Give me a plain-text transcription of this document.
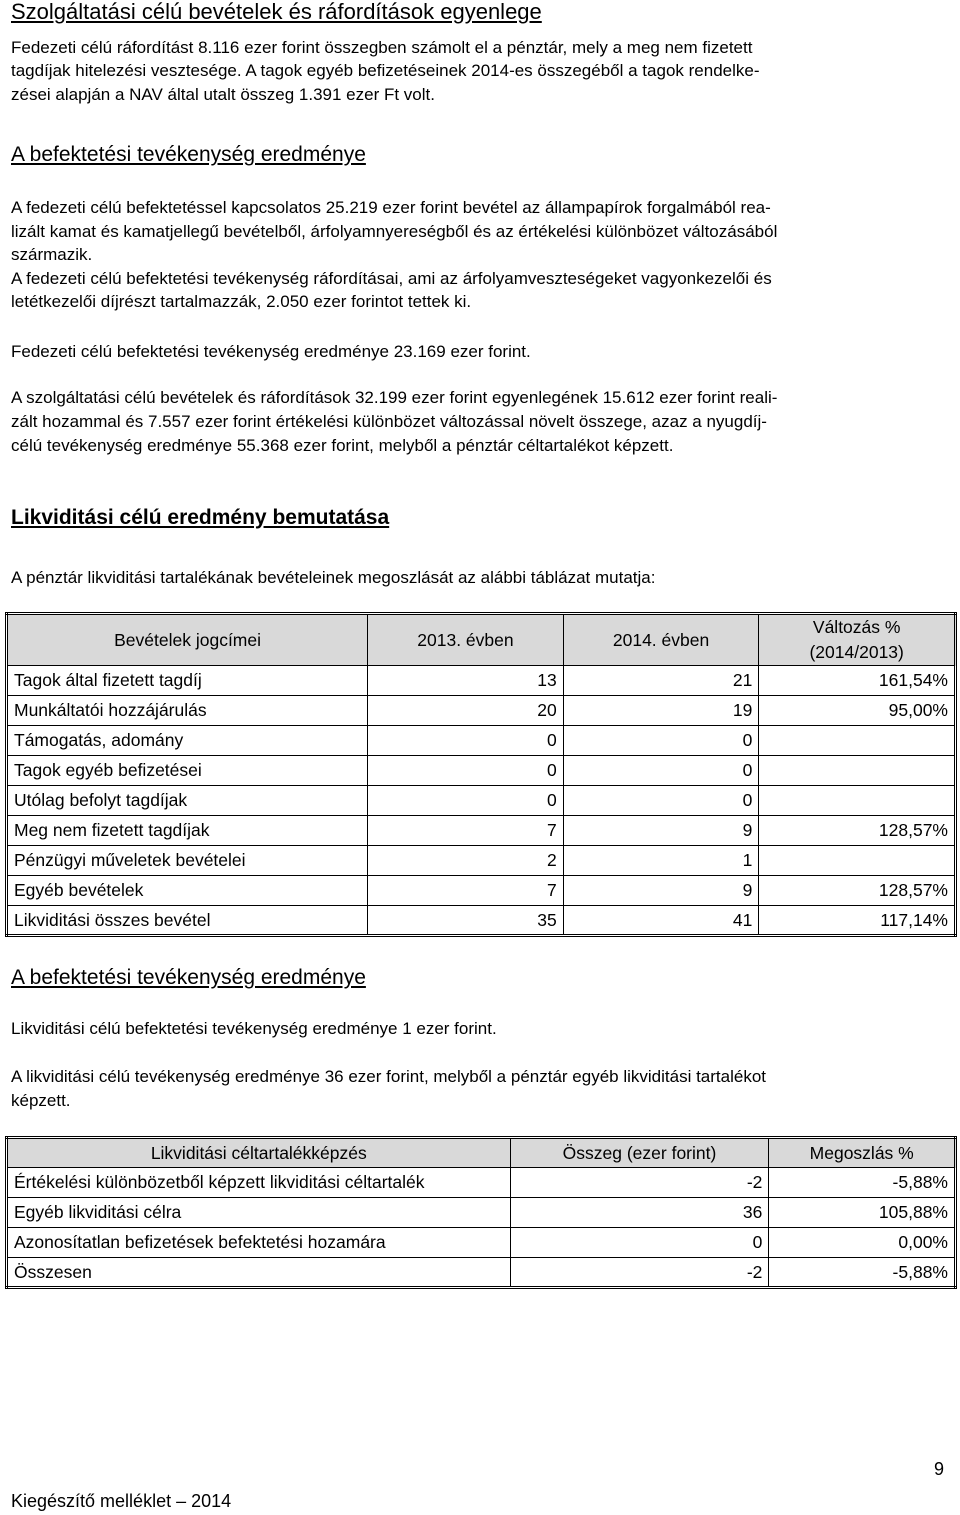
Szolgáltatási célú bevételek és ráfordítások egyenlege

Fedezeti célú ráfordítást 8.116 ezer forint összegben számolt el a pénztár, mely a meg nem fizetett

tagdíjak hitelezési vesztesége. A tagok egyéb befizetéseinek 2014-es összegéből a tagok rendelke-

zései alapján a NAV által utalt összeg 1.391 ezer Ft volt.

A befektetési tevékenység eredménye

A fedezeti célú befektetéssel kapcsolatos 25.219 ezer forint bevétel az állampapírok forgalmából rea-

lizált kamat és kamatjellegű bevételből, árfolyamnyereségből és az értékelési különbözet változásából

származik.

A fedezeti célú befektetési tevékenység ráfordításai, ami az árfolyamveszteségeket vagyonkezelői és

letétkezelői díjrészt tartalmazzák, 2.050 ezer forintot tettek ki.

Fedezeti célú befektetési tevékenység eredménye 23.169 ezer forint.

A szolgáltatási célú bevételek és ráfordítások 32.199 ezer forint egyenlegének 15.612 ezer forint reali-

zált hozammal és 7.557 ezer forint értékelési különbözet változással növelt összege, azaz a nyugdíj-

célú tevékenység eredménye 55.368 ezer forint, melyből a pénztár céltartalékot képzett.

Likviditási célú eredmény bemutatása

A pénztár likviditási tartalékának bevételeinek megoszlását az alábbi táblázat mutatja:

Bevételek jogcímei	2013. évben	2014. évben	Változás %
(2014/2013)
Tagok által fizetett tagdíj	13	21	161,54%
Munkáltatói hozzájárulás	20	19	95,00%
Támogatás, adomány	0	0	
Tagok egyéb befizetései	0	0	
Utólag befolyt tagdíjak	0	0	
Meg nem fizetett tagdíjak	7	9	128,57%
Pénzügyi műveletek bevételei	2	1	
Egyéb bevételek	7	9	128,57%
Likviditási összes bevétel	35	41	117,14%
A befektetési tevékenység eredménye

Likviditási célú befektetési tevékenység eredménye 1 ezer forint.

A likviditási célú tevékenység eredménye 36 ezer forint, melyből a pénztár egyéb likviditási tartalékot

képzett.

Likviditási céltartalékképzés	Összeg (ezer forint)	Megoszlás %
Értékelési különbözetből képzett likviditási céltartalék	-2	-5,88%
Egyéb likviditási célra	36	105,88%
Azonosítatlan befizetések befektetési hozamára	0	0,00%
Összesen	-2	-5,88%
9
Kiegészítő melléklet – 2014
